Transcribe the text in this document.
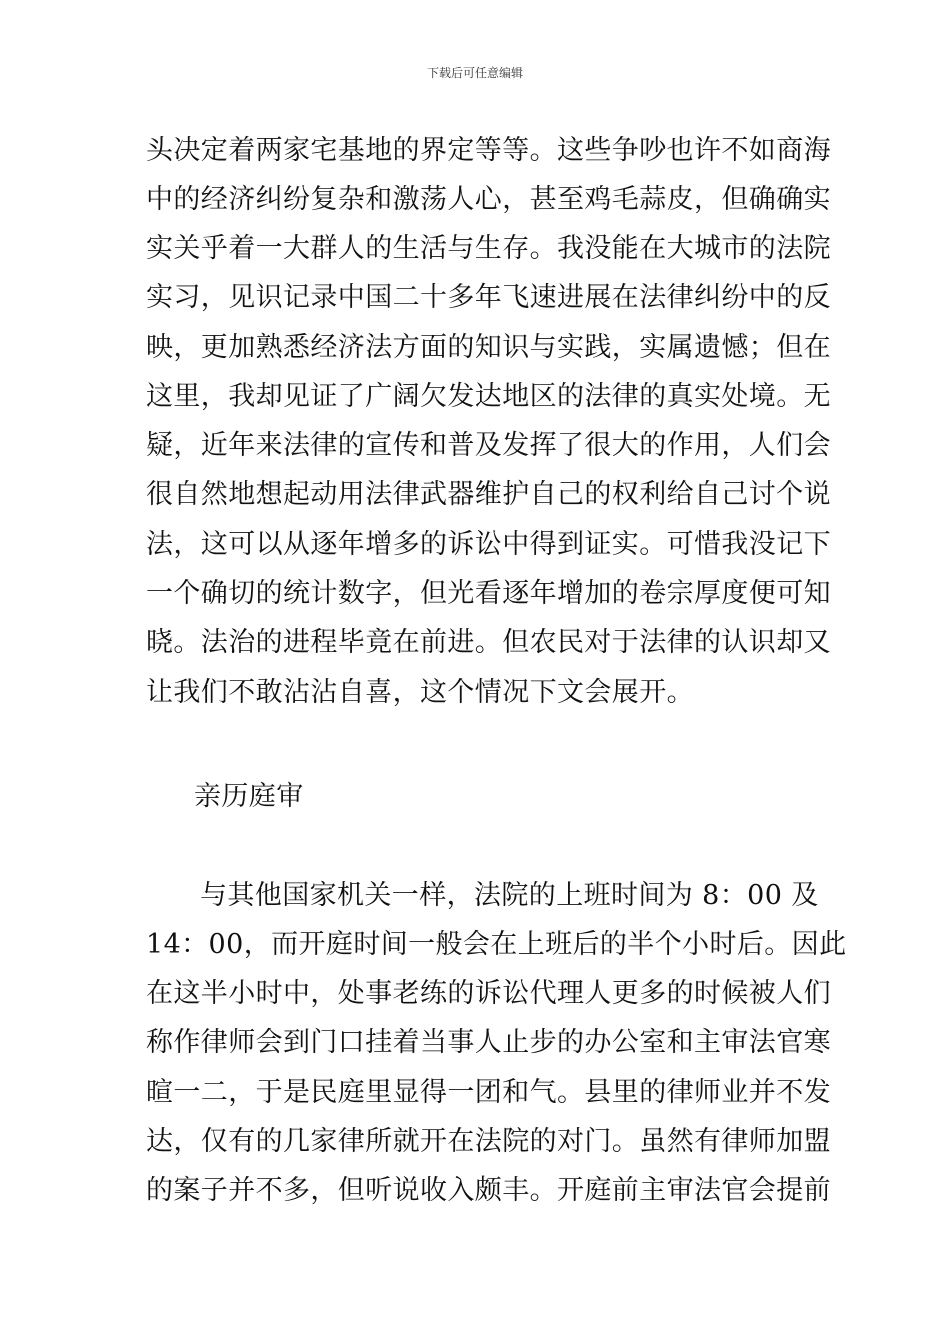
下载后可任意编辑
头决定着两家宅基地的界定等等。这些争吵也许不如商海
中的经济纠纷复杂和激荡人心，甚至鸡毛蒜皮，但确确实
实关乎着一大群人的生活与生存。我没能在大城市的法院
实习，见识记录中国二十多年飞速进展在法律纠纷中的反
映，更加熟悉经济法方面的知识与实践，实属遗憾；但在
这里，我却见证了广阔欠发达地区的法律的真实处境。无
疑，近年来法律的宣传和普及发挥了很大的作用，人们会
很自然地想起动用法律武器维护自己的权利给自己讨个说
法，这可以从逐年增多的诉讼中得到证实。可惜我没记下
一个确切的统计数字，但光看逐年增加的卷宗厚度便可知
晓。法治的进程毕竟在前进。但农民对于法律的认识却又
让我们不敢沾沾自喜，这个情况下文会展开。
亲历庭审
与其他国家机关一样，法院的上班时间为 8：00 及
14：00，而开庭时间一般会在上班后的半个小时后。因此
在这半小时中，处事老练的诉讼代理人更多的时候被人们
称作律师会到门口挂着当事人止步的办公室和主审法官寒
暄一二，于是民庭里显得一团和气。县里的律师业并不发
达，仅有的几家律所就开在法院的对门。虽然有律师加盟
的案子并不多，但听说收入颇丰。开庭前主审法官会提前
